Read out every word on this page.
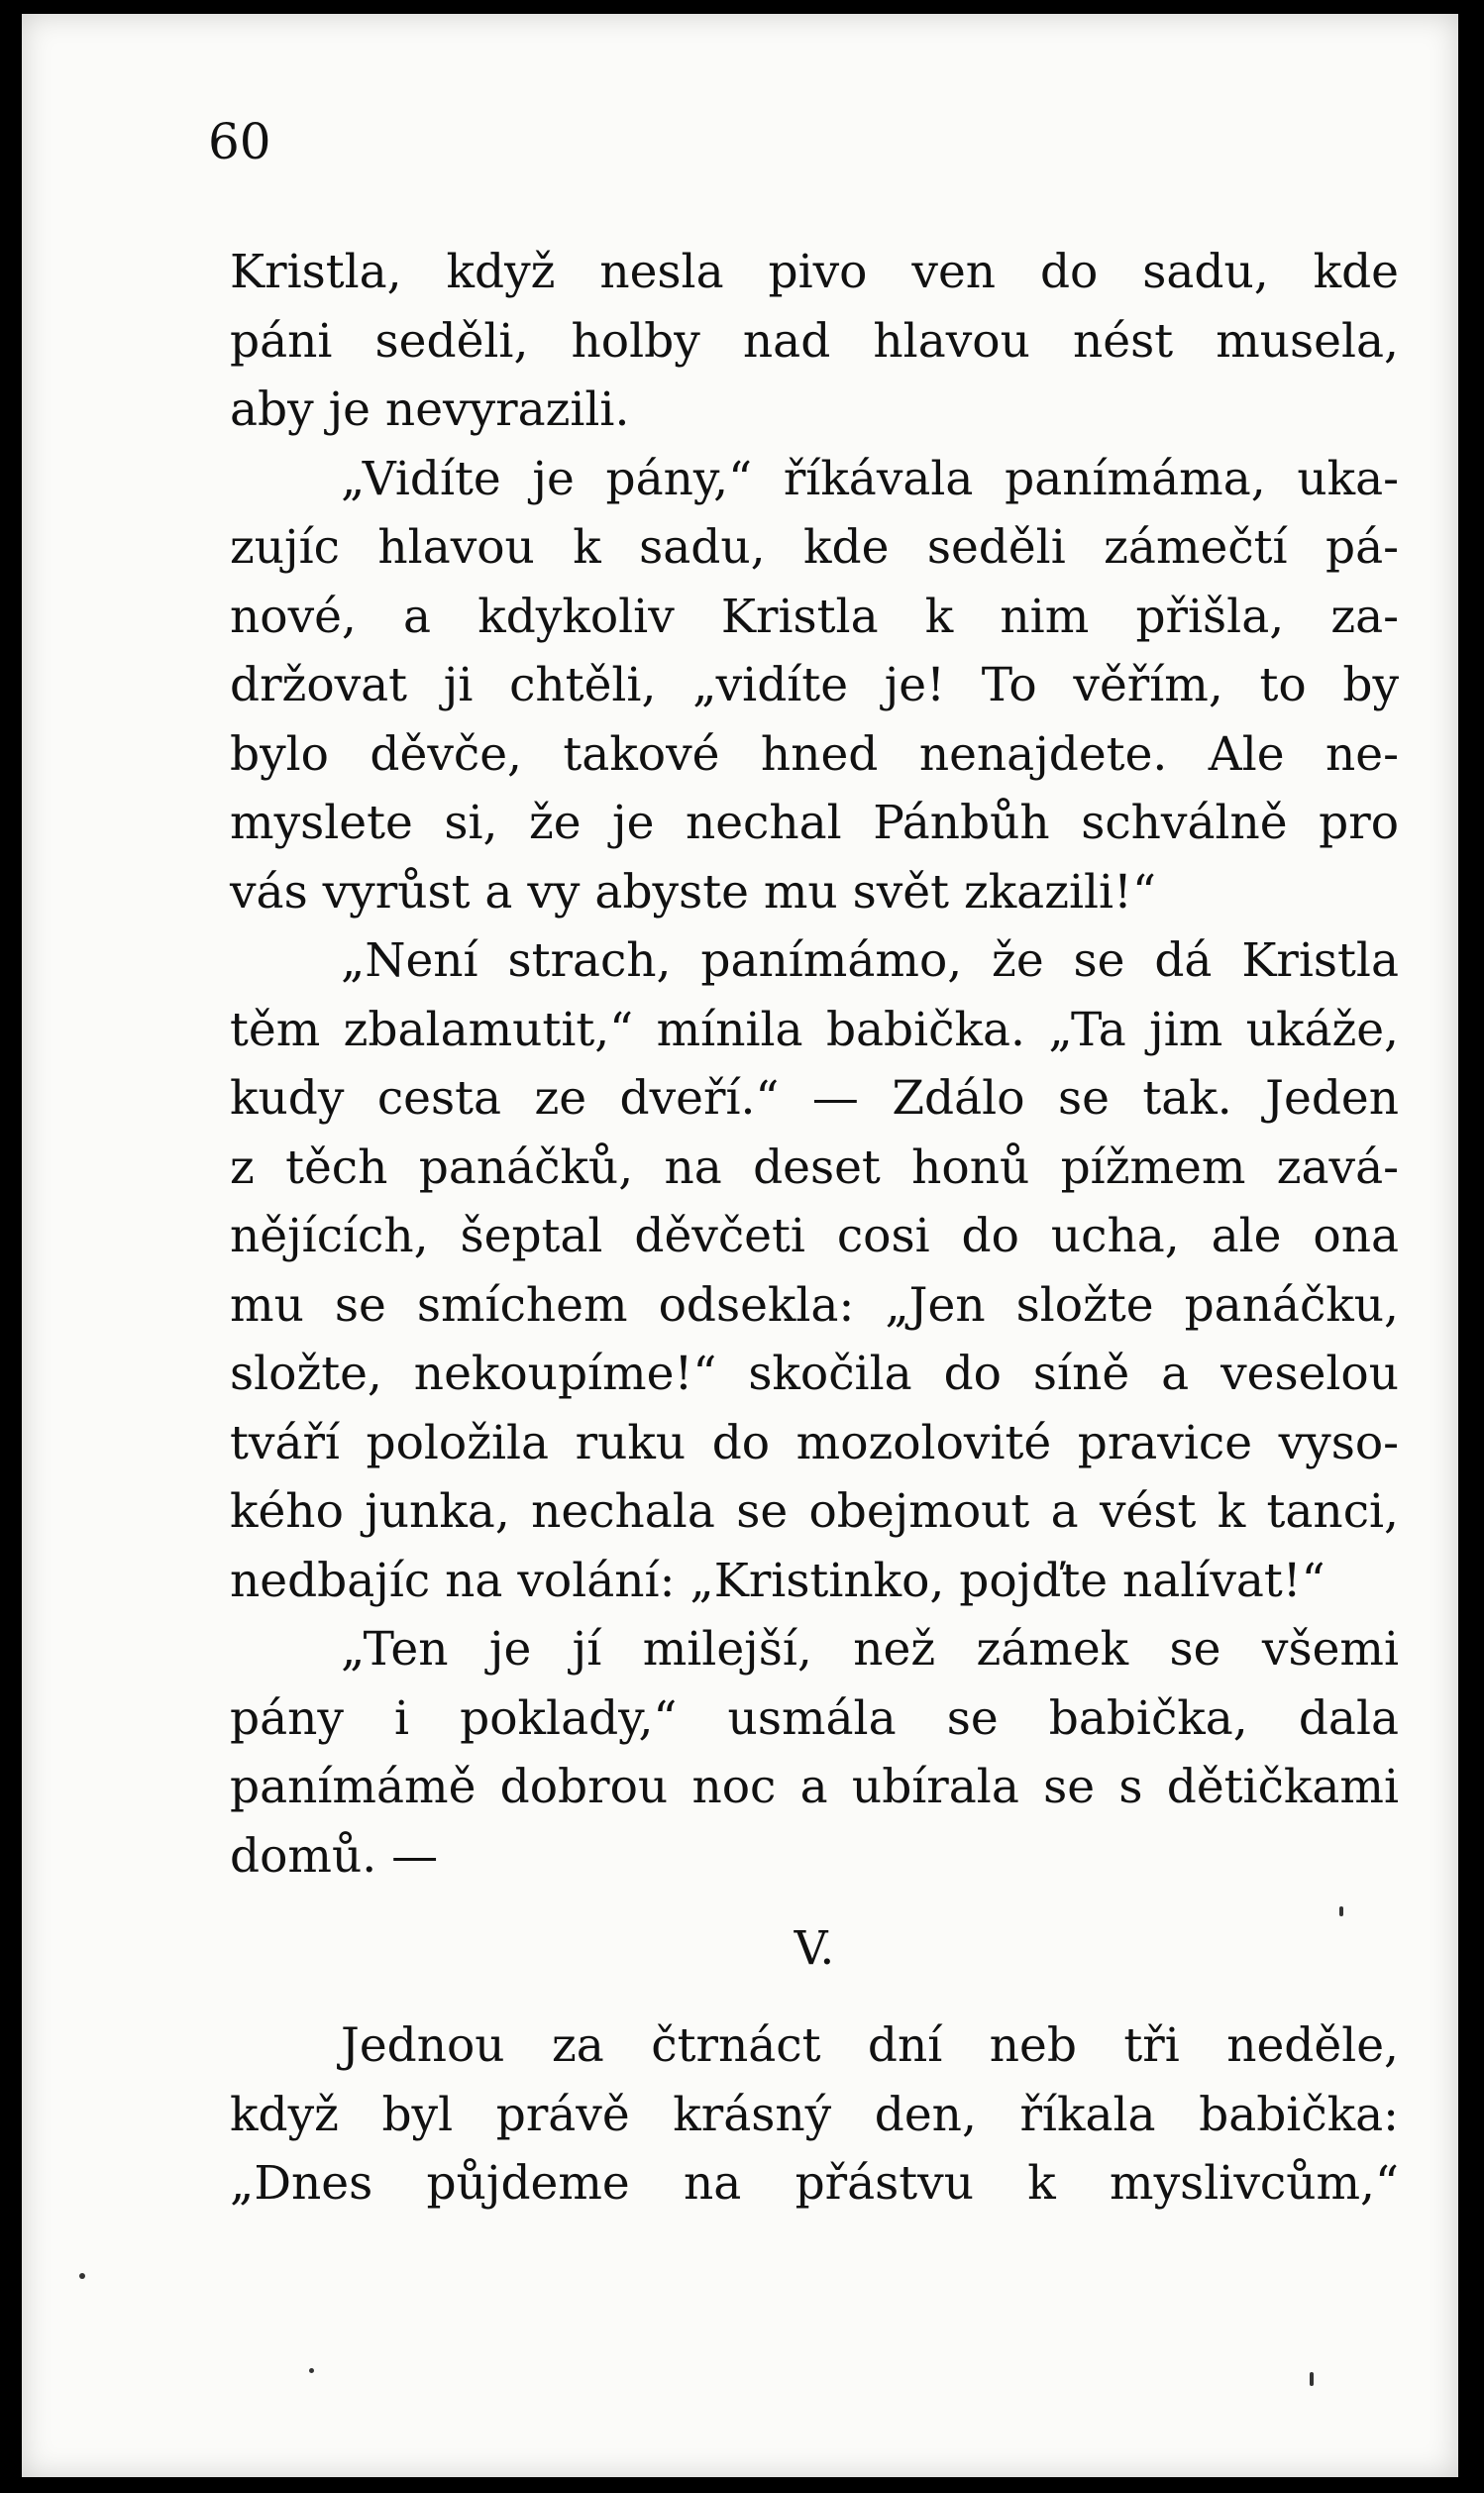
60
Kristla, když nesla pivo ven do sadu, kde
páni seděli, holby nad hlavou nést musela,
aby je nevyrazili.
„Vidíte je pány,“ říkávala panímáma, uka-
zujíc hlavou k sadu, kde seděli zámečtí pá-
nové, a kdykoliv Kristla k nim přišla, za-
držovat ji chtěli, „vidíte je! To věřím, to by
bylo děvče, takové hned nenajdete. Ale ne-
myslete si, že je nechal Pánbůh schválně pro
vás vyrůst a vy abyste mu svět zkazili!“
„Není strach, panímámo, že se dá Kristla
těm zbalamutit,“ mínila babička. „Ta jim ukáže,
kudy cesta ze dveří.“ — Zdálo se tak. Jeden
z těch panáčků, na deset honů pížmem zavá-
nějících, šeptal děvčeti cosi do ucha, ale ona
mu se smíchem odsekla: „Jen složte panáčku,
složte, nekoupíme!“ skočila do síně a veselou
tváří položila ruku do mozolovité pravice vyso-
kého junka, nechala se obejmout a vést k tanci,
nedbajíc na volání: „Kristinko, pojďte nalívat!“
„Ten je jí milejší, než zámek se všemi
pány i poklady,“ usmála se babička, dala
panímámě dobrou noc a ubírala se s dětičkami
domů. —
V.
Jednou za čtrnáct dní neb tři neděle,
když byl právě krásný den, říkala babička:
„Dnes půjdeme na přástvu k myslivcům,“
